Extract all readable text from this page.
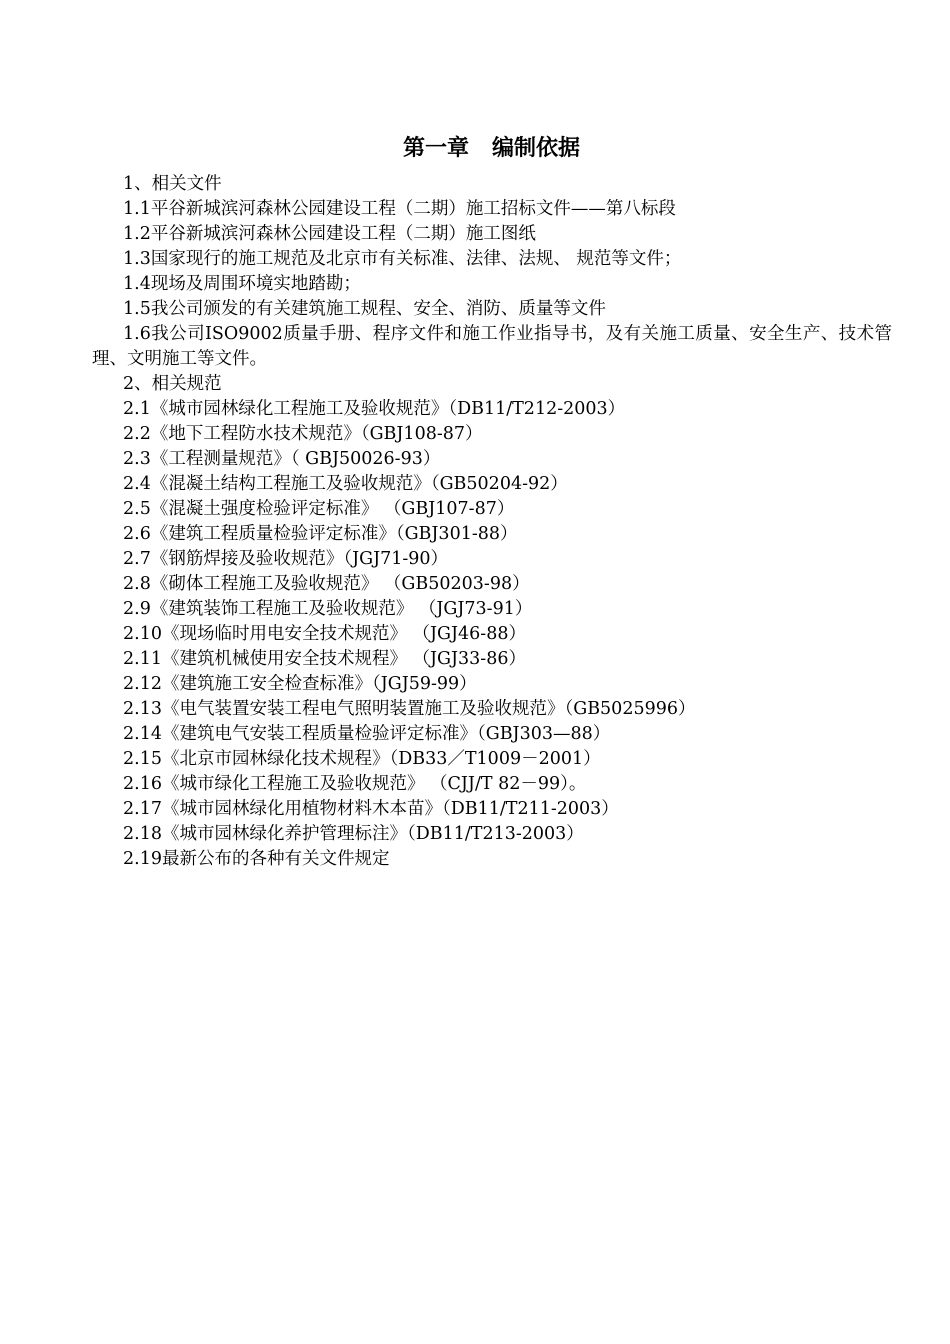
第一章   编制依据
1、相关文件
1.1平谷新城滨河森林公园建设工程（二期）施工招标文件——第八标段
1.2平谷新城滨河森林公园建设工程（二期）施工图纸
1.3国家现行的施工规范及北京市有关标准、法律、法规、 规范等文件；
1.4现场及周围环境实地踏勘；
1.5我公司颁发的有关建筑施工规程、安全、消防、质量等文件

1.6我公司ISO9002质量手册、程序文件和施工作业指导书，及有关施工质量、安全生产、技术管理、文明施工等文件。

2、相关规范
2.1《城市园林绿化工程施工及验收规范》（DB11/T212-2003）
2.2《地下工程防水技术规范》（GBJ108-87）
2.3《工程测量规范》（ GBJ50026-93）
2.4《混凝土结构工程施工及验收规范》（GB50204-92）
2.5《混凝土强度检验评定标准》 （GBJ107-87）
2.6《建筑工程质量检验评定标准》（GBJ301-88）
2.7《钢筋焊接及验收规范》（JGJ71-90）
2.8《砌体工程施工及验收规范》 （GB50203-98）
2.9《建筑装饰工程施工及验收规范》 （JGJ73-91）
2.10《现场临时用电安全技术规范》 （JGJ46-88）
2.11《建筑机械使用安全技术规程》 （JGJ33-86）
2.12《建筑施工安全检查标准》（JGJ59-99）
2.13《电气装置安装工程电气照明装置施工及验收规范》（GB5025996）
2.14《建筑电气安装工程质量检验评定标准》（GBJ303—88）
2.15《北京市园林绿化技术规程》（DB33／T1009－2001）
2.16《城市绿化工程施工及验收规范》 （CJJ/T 82－99）。
2.17《城市园林绿化用植物材料木本苗》（DB11/T211-2003）
2.18《城市园林绿化养护管理标注》（DB11/T213-2003）
2.19最新公布的各种有关文件规定
